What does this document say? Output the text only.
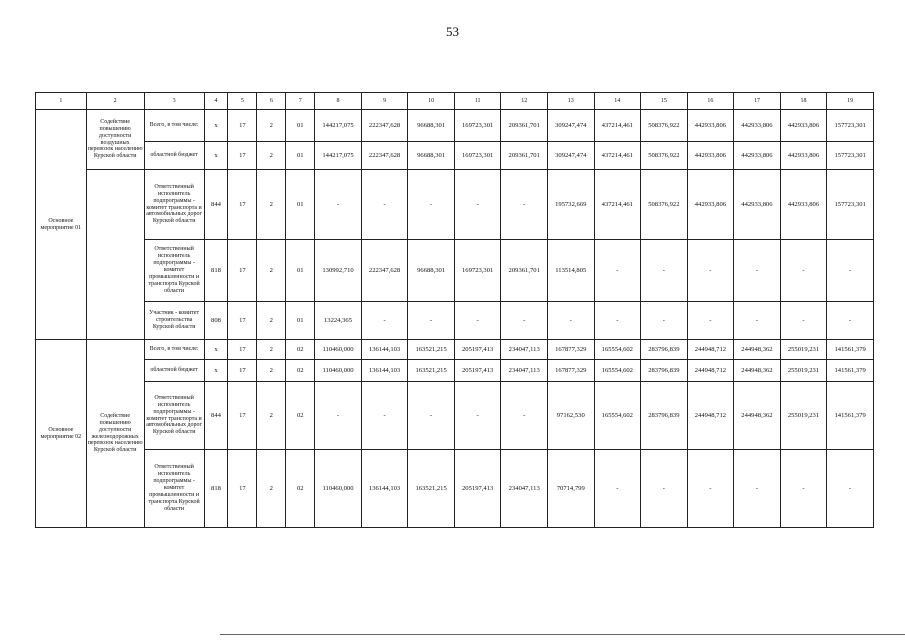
53
1	2	3	4	5	6	7	8	9	10	11	12	13	14	15	16	17	18	19
Основное мероприятие 01	Содействие повышению доступности воздушных перевозок населению Курской области	Всего, в том числе:	х	17	2	01	144217,075	222347,628	96688,301	169723,301	209361,701	309247,474	437214,461	508376,922	442933,806	442933,806	442933,806	157723,301
		областной бюджет	х	17	2	01	144217,075	222347,628	96688,301	169723,301	209361,701	309247,474	437214,461	508376,922	442933,806	442933,806	442933,806	157723,301
		Ответственный исполнитель подпрограммы - комитет транспорта и автомобильных дорог Курской области	844	17	2	01	-	-	-	-	-	195732,669	437214,461	508376,922	442933,806	442933,806	442933,806	157723,301
		Ответственный исполнитель подпрограммы - комитет промышленности и транспорта Курской области	818	17	2	01	130992,710	222347,628	96688,301	169723,301	209361,701	113514,805	-	-	-	-	-	-
		Участник - комитет строительства Курской области	808	17	2	01	13224,365	-	-	-	-	-	-	-	-	-	-	-
Основное мероприятие 02	Содействие повышению доступности железнодорожных перевозок населению Курской области	Всего, в том числе:	х	17	2	02	110460,000	136144,103	163521,215	205197,413	234047,113	167877,329	165554,602	283796,839	244948,712	244948,362	255019,231	141561,379
		областной бюджет	х	17	2	02	110460,000	136144,103	163521,215	205197,413	234047,113	167877,329	165554,602	283796,839	244948,712	244948,362	255019,231	141561,379
		Ответственный исполнитель подпрограммы - комитет транспорта и автомобильных дорог Курской области	844	17	2	02	-	-	-	-	-	97162,530	165554,602	283796,839	244948,712	244948,362	255019,231	141561,379
		Ответственный исполнитель подпрограммы - комитет промышленности и транспорта Курской области	818	17	2	02	110460,000	136144,103	163521,215	205197,413	234047,113	70714,799	-	-	-	-	-	-
